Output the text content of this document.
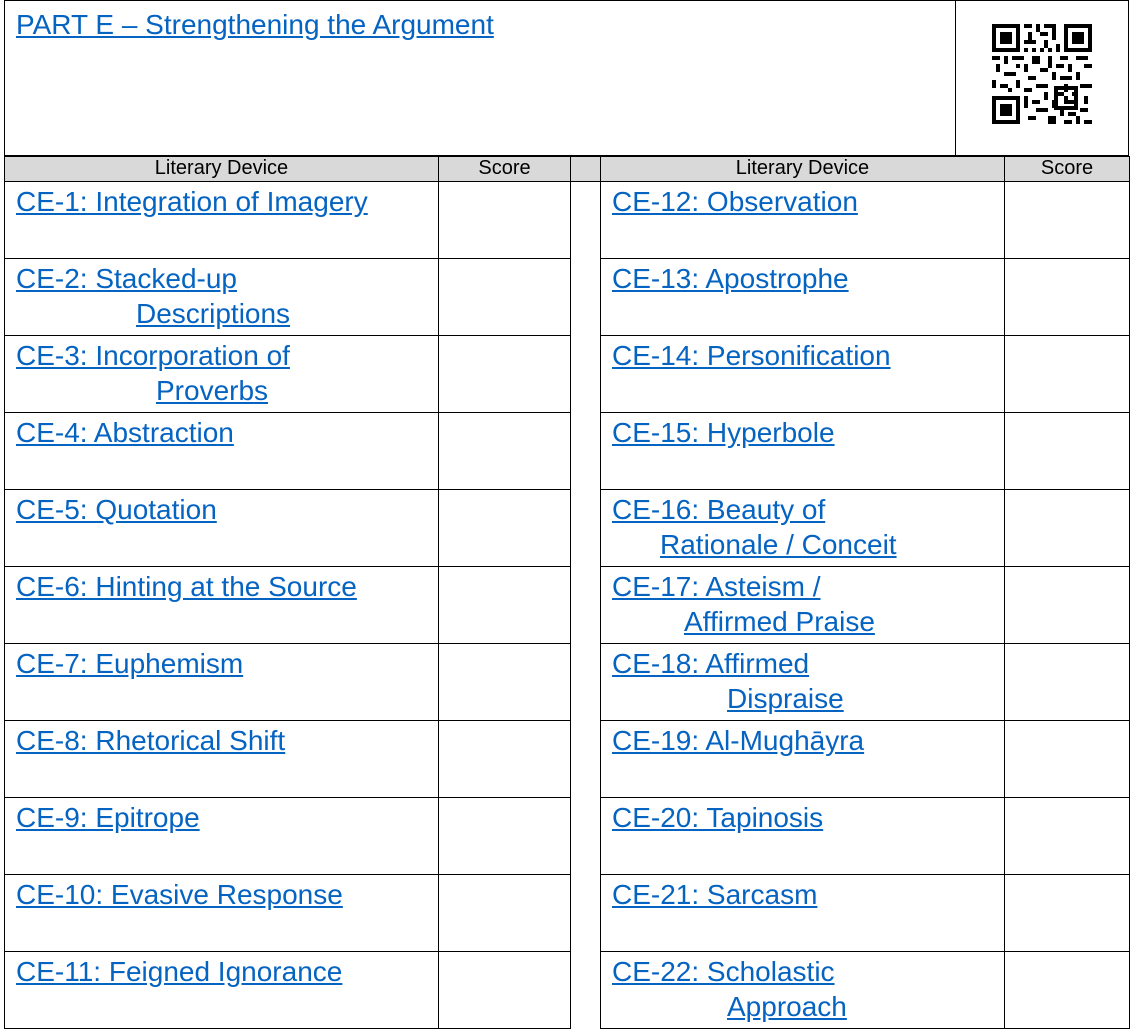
PART E – Strengthening the Argument
Literary Device	Score		Literary Device	Score

CE-1: Integration of Imagery			CE-12: Observation	

CE-2: Stacked-up
Descriptions			CE-13: Apostrophe	

CE-3: Incorporation of
Proverbs			CE-14: Personification	

CE-4: Abstraction			CE-15: Hyperbole	

CE-5: Quotation			CE-16: Beauty of
Rationale / Conceit	

CE-6: Hinting at the Source			CE-17: Asteism /
Affirmed Praise	

CE-7: Euphemism			CE-18: Affirmed
Dispraise	

CE-8: Rhetorical Shift			CE-19: Al-Mughāyra	

CE-9: Epitrope			CE-20: Tapinosis	

CE-10: Evasive Response			CE-21: Sarcasm	

CE-11: Feigned Ignorance			CE-22: Scholastic
Approach	
